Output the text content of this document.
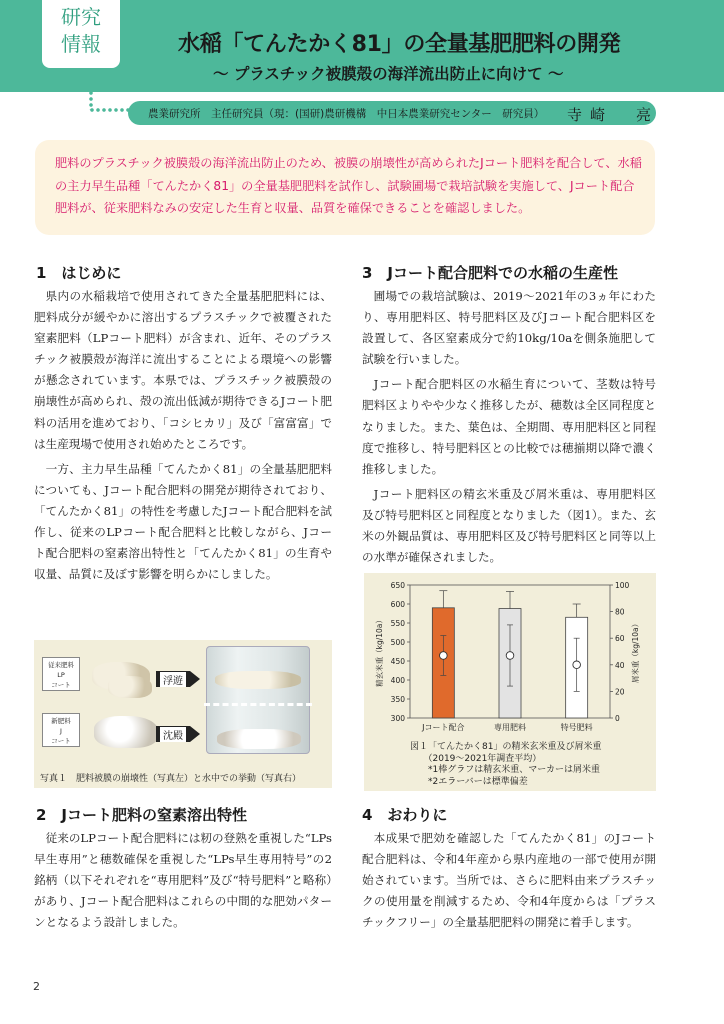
研究
情報	水稲「てんたかく81」の全量基肥肥料の開発
〜 プラスチック被膜殻の海洋流出防止に向けて 〜
農業研究所　主任研究員（現：(国研)農研機構　中日本農業研究センター　研究員） 寺崎　亮
肥料のプラスチック被膜殻の海洋流出防止のため、被膜の崩壊性が高められたJコート肥料を配合して、水稲の主力早生品種「てんたかく81」の全量基肥肥料を試作し、試験圃場で栽培試験を実施して、Jコート配合肥料が、従来肥料なみの安定した生育と収量、品質を確保できることを確認しました。
1　はじめに

県内の水稲栽培で使用されてきた全量基肥肥料には、肥料成分が緩やかに溶出するプラスチックで被覆された窒素肥料（LPコート肥料）が含まれ、近年、そのプラスチック被膜殻が海洋に流出することによる環境への影響が懸念されています。本県では、プラスチック被膜殻の崩壊性が高められ、殻の流出低減が期待できるJコート肥料の活用を進めており、「コシヒカリ」及び「富富富」では生産現場で使用され始めたところです。

一方、主力早生品種「てんたかく81」の全量基肥肥料についても、Jコート配合肥料の開発が期待されており、「てんたかく81」の特性を考慮したJコート配合肥料を試作し、従来のLPコート配合肥料と比較しながら、Jコート配合肥料の窒素溶出特性と「てんたかく81」の生育や収量、品質に及ぼす影響を明らかにしました。

従来肥料
LP
コート
新肥料
J
コート
浮遊
沈殿
写真１　肥料被膜の崩壊性（写真左）と水中での挙動（写真右）
2　Jコート肥料の窒素溶出特性

従来のLPコート配合肥料には籾の登熟を重視した“LPs早生専用”と穂数確保を重視した“LPs早生専用特号”の2銘柄（以下それぞれを“専用肥料”及び“特号肥料”と略称）があり、Jコート配合肥料はこれらの中間的な肥効パターンとなるよう設計しました。

3　Jコート配合肥料での水稲の生産性

圃場での栽培試験は、2019〜2021年の3ヵ年にわたり、専用肥料区、特号肥料区及びJコート配合肥料区を設置して、各区窒素成分で約10kg/10aを側条施肥して試験を行いました。

Jコート配合肥料区の水稲生育について、茎数は特号肥料区よりやや少なく推移したが、穂数は全区同程度となりました。また、葉色は、全期間、専用肥料区と同程度で推移し、特号肥料区との比較では穂揃期以降で濃く推移しました。

Jコート肥料区の精玄米重及び屑米重は、専用肥料区及び特号肥料区と同程度となりました（図1）。また、玄米の外観品質は、専用肥料区及び特号肥料区と同等以上の水準が確保されました。

300
350
400
450
500
550
600
650
0
20
40
60
80
100
精玄米重（kg/10a）	屑米重（kg/10a）
Jコート配合	専用肥料	特号肥料
図１「てんたかく81」の精米玄米重及び屑米重
　　（2019〜2021年調査平均）
　　*1棒グラフは精玄米重、マーカーは屑米重
　　*2エラーバーは標準偏差
4　おわりに

本成果で肥効を確認した「てんたかく81」のJコート配合肥料は、令和4年産から県内産地の一部で使用が開始されています。当所では、さらに肥料由来プラスチックの使用量を削減するため、令和4年度からは「プラスチックフリー」の全量基肥肥料の開発に着手します。

2
